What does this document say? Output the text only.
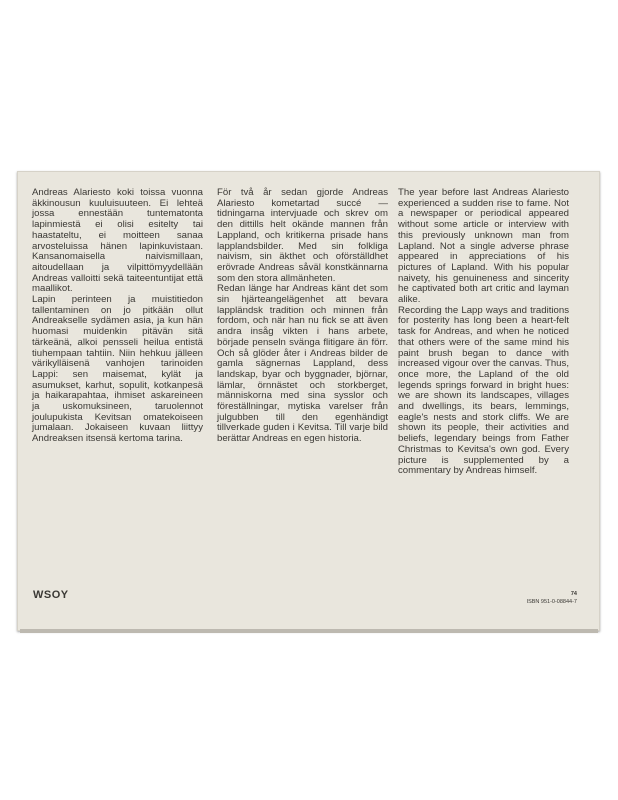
Andreas Alariesto koki toissa vuonna äkkinousun kuuluisuuteen. Ei lehteä jossa ennestään tuntematonta lapinmiestä ei olisi esitelty tai haastateltu, ei moitteen sanaa arvosteluissa hänen lapinkuvistaan. Kansanomaisella naivismillaan, aitoudellaan ja vilpittömyydellään Andreas valloitti sekä taiteentuntijat että maallikot.

Lapin perinteen ja muistitiedon tallentaminen on jo pitkään ollut Andreakselle sydämen asia, ja kun hän huomasi muidenkin pitävän sitä tärkeänä, alkoi pensseli heilua entistä tiuhempaan tahtiin. Niin hehkuu jälleen värikylläisenä vanhojen tarinoiden Lappi: sen maisemat, kylät ja asumukset, karhut, sopulit, kotkanpesä ja haikarapahtaa, ihmiset askareineen ja uskomuksineen, taruolennot joulupukista Kevitsan omatekoiseen jumalaan. Jokaiseen kuvaan liittyy Andreaksen itsensä kertoma tarina.

För två år sedan gjorde Andreas Alariesto kometartad succé — tidningarna intervjuade och skrev om den dittills helt okände mannen från Lappland, och kritikerna prisade hans lapplandsbilder. Med sin folkliga naivism, sin äkthet och oförställdhet erövrade Andreas såväl konstkännarna som den stora allmänheten.

Redan länge har Andreas känt det som sin hjärteangelägenhet att bevara lappländsk tradition och minnen från fordom, och när han nu fick se att även andra insåg vikten i hans arbete, började penseln svänga flitigare än förr. Och så glöder åter i Andreas bilder de gamla sägnernas Lappland, dess landskap, byar och byggnader, björnar, lämlar, örnnästet och storkberget, människorna med sina sysslor och föreställningar, mytiska varelser från julgubben till den egenhändigt tillverkade guden i Kevitsa. Till varje bild berättar Andreas en egen historia.

The year before last Andreas Alariesto experienced a sudden rise to fame. Not a newspaper or periodical appeared without some article or interview with this previously unknown man from Lapland. Not a single adverse phrase appeared in appreciations of his pictures of Lapland. With his popular naivety, his genuineness and sincerity he captivated both art critic and layman alike.

Recording the Lapp ways and traditions for posterity has long been a heart-felt task for Andreas, and when he noticed that others were of the same mind his paint brush began to dance with increased vigour over the canvas. Thus, once more, the Lapland of the old legends springs forward in bright hues: we are shown its landscapes, villages and dwellings, its bears, lemmings, eagle's nests and stork cliffs. We are shown its people, their activities and beliefs, legendary beings from Father Christmas to Kevitsa's own god. Every picture is supplemented by a commentary by Andreas himself.

WSOY	74
ISBN 951-0-08844-7
